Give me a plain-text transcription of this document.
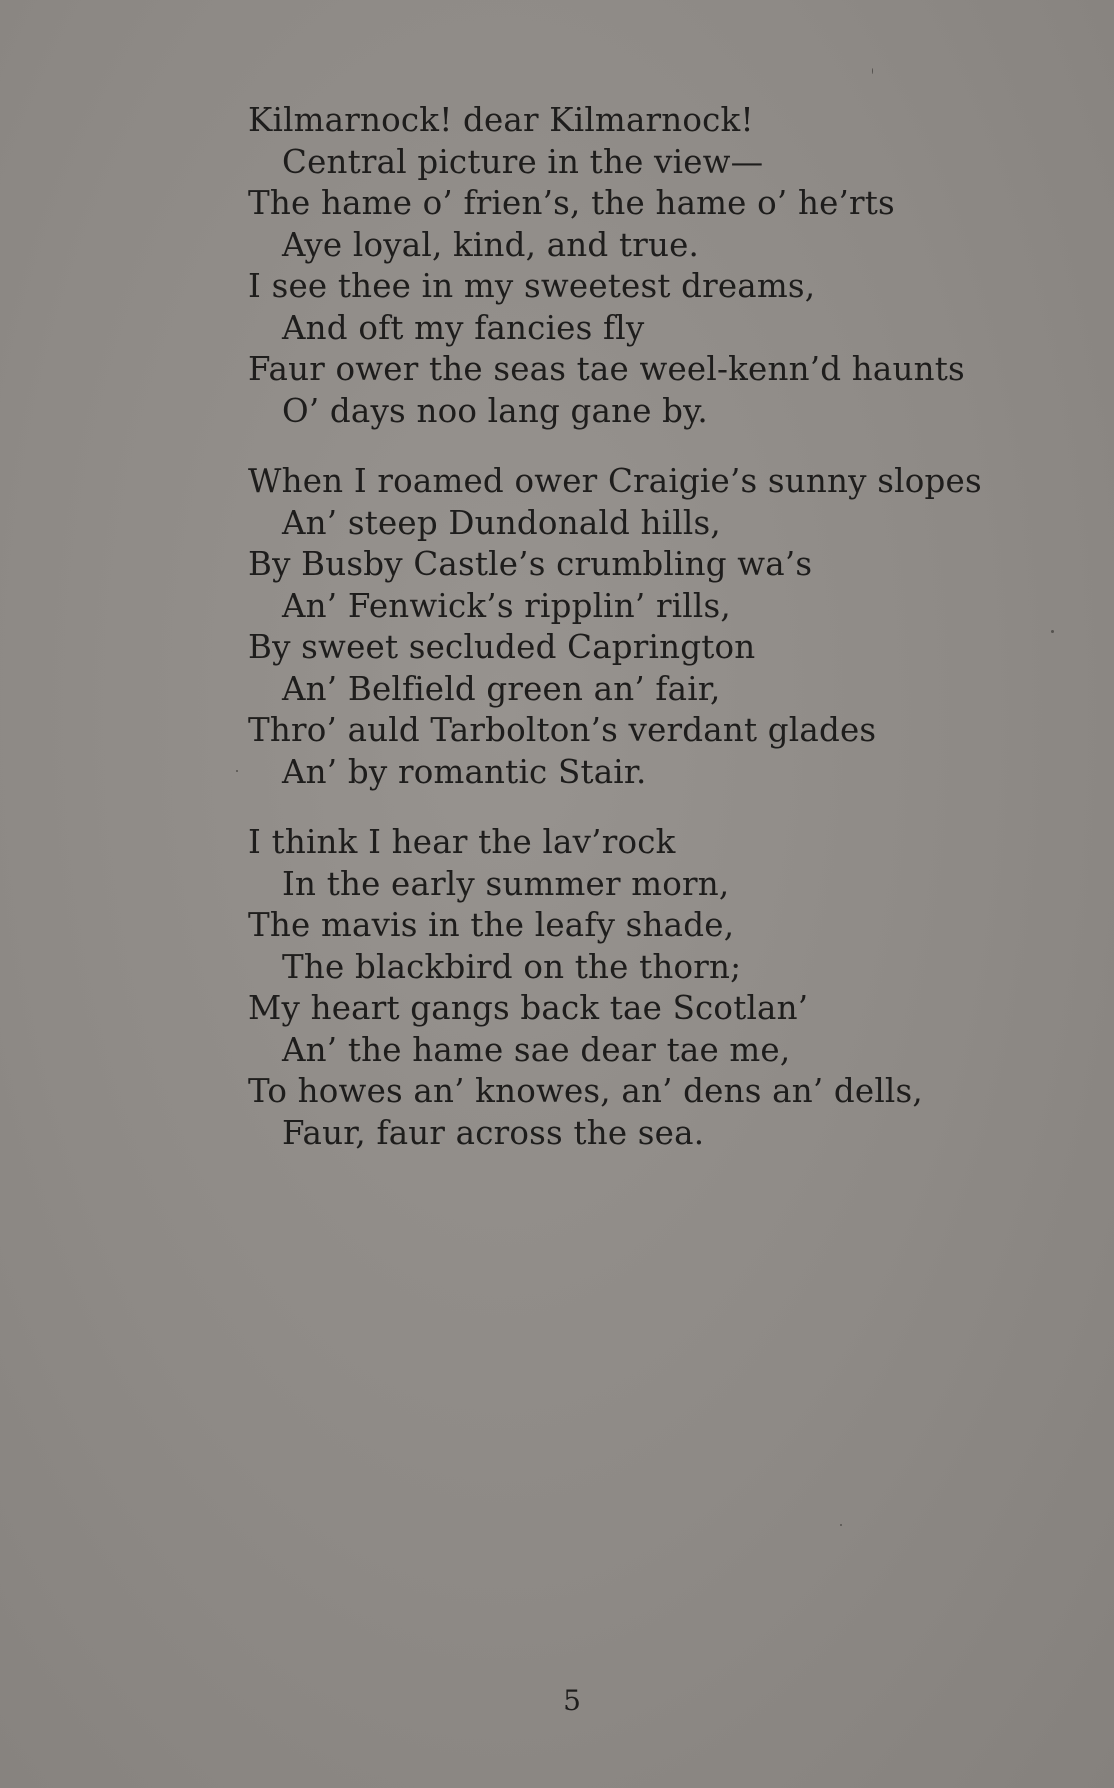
Kilmarnock! dear Kilmarnock!
Central picture in the view—
The hame o’ frien’s, the hame o’ he’rts
Aye loyal, kind, and true.
I see thee in my sweetest dreams,
And oft my fancies fly
Faur ower the seas tae weel-kenn’d haunts
O’ days noo lang gane by.
When I roamed ower Craigie’s sunny slopes
An’ steep Dundonald hills,
By Busby Castle’s crumbling wa’s
An’ Fenwick’s ripplin’ rills,
By sweet secluded Caprington
An’ Belfield green an’ fair,
Thro’ auld Tarbolton’s verdant glades
An’ by romantic Stair.
I think I hear the lav’rock
In the early summer morn,
The mavis in the leafy shade,
The blackbird on the thorn;
My heart gangs back tae Scotlan’
An’ the hame sae dear tae me,
To howes an’ knowes, an’ dens an’ dells,
Faur, faur across the sea.
5
